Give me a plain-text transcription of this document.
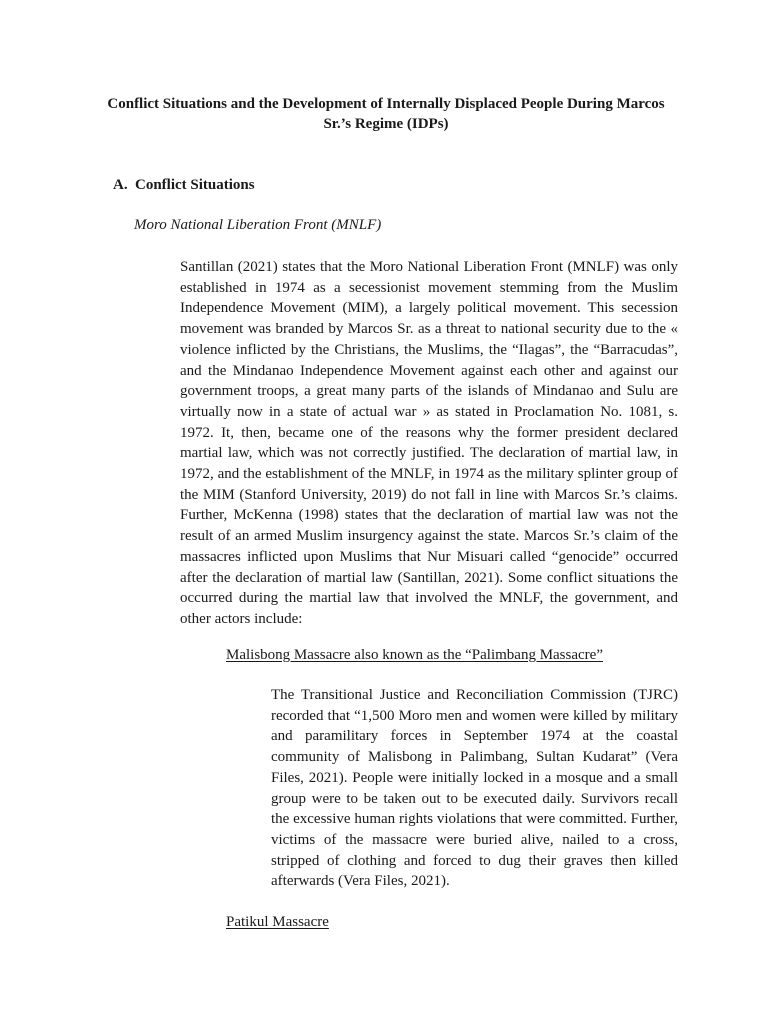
Conflict Situations and the Development of Internally Displaced People During Marcos Sr.’s Regime (IDPs)
A. Conflict Situations
Moro National Liberation Front (MNLF)

Santillan (2021) states that the Moro National Liberation Front (MNLF) was only established in 1974 as a secessionist movement stemming from the Muslim Independence Movement (MIM), a largely political movement. This secession movement was branded by Marcos Sr. as a threat to national security due to the « violence inflicted by the Christians, the Muslims, the “Ilagas”, the “Barracudas”, and the Mindanao Independence Movement against each other and against our government troops, a great many parts of the islands of Mindanao and Sulu are virtually now in a state of actual war » as stated in Proclamation No. 1081, s. 1972. It, then, became one of the reasons why the former president declared martial law, which was not correctly justified. The declaration of martial law, in 1972, and the establishment of the MNLF, in 1974 as the military splinter group of the MIM (Stanford University, 2019) do not fall in line with Marcos Sr.’s claims. Further, McKenna (1998) states that the declaration of martial law was not the result of an armed Muslim insurgency against the state. Marcos Sr.’s claim of the massacres inflicted upon Muslims that Nur Misuari called “genocide” occurred after the declaration of martial law (Santillan, 2021). Some conflict situations the occurred during the martial law that involved the MNLF, the government, and other actors include:

Malisbong Massacre also known as the “Palimbang Massacre”

The Transitional Justice and Reconciliation Commission (TJRC) recorded that “1,500 Moro men and women were killed by military and paramilitary forces in September 1974 at the coastal community of Malisbong in Palimbang, Sultan Kudarat” (Vera Files, 2021). People were initially locked in a mosque and a small group were to be taken out to be executed daily. Survivors recall the excessive human rights violations that were committed. Further, victims of the massacre were buried alive, nailed to a cross, stripped of clothing and forced to dug their graves then killed afterwards (Vera Files, 2021).

Patikul Massacre
